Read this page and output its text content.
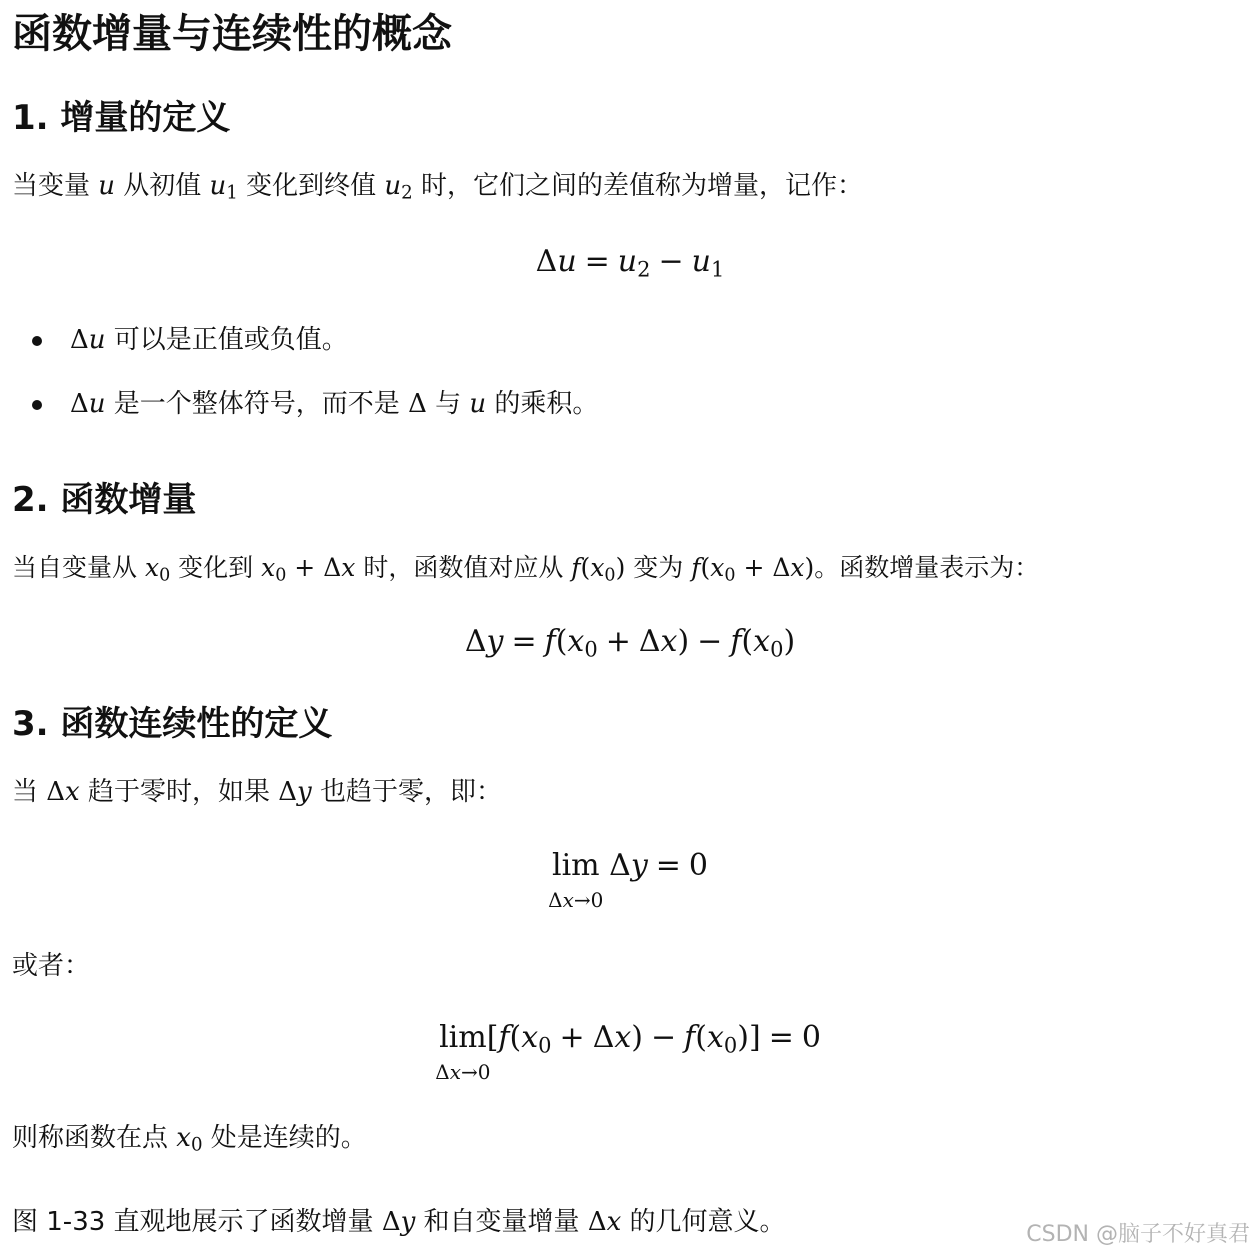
函数增量与连续性的概念
1. 增量的定义

当变量 u 从初值 $u_1$ 变化到终值 $u_2$ 时，它们之间的差值称为增量，记作：

$\Delta u = u_2 - u_1$
Δu 可以是正值或负值。
Δu 是一个整体符号，而不是 Δ 与 u 的乘积。
2. 函数增量

当自变量从 $x_0$ 变化到 $x_0 + \Delta x$ 时，函数值对应从 $f(x_0)$ 变为 $f(x_0 + \Delta x)$。函数增量表示为：

$\Delta y = f(x_0 + \Delta x) - f(x_0)$
3. 函数连续性的定义

当 Δx 趋于零时，如果 Δy 也趋于零，即：

lim
Δx→0
Δy = 0

或者：

lim
Δx→0
$[f(x_0 + \Delta x) - f(x_0)] = 0$

则称函数在点 $x_0$ 处是连续的。

图 1-33 直观地展示了函数增量 Δy 和自变量增量 Δx 的几何意义。	CSDN @脑子不好真君
